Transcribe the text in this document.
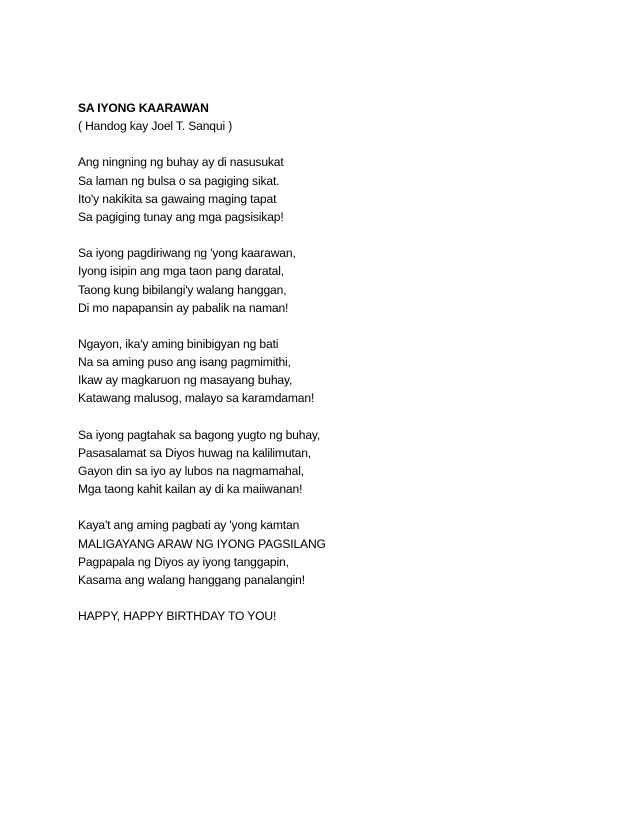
SA IYONG KAARAWAN
( Handog kay Joel T. Sanqui )
Ang ningning ng buhay ay di nasusukat
Sa laman ng bulsa o sa pagiging sikat.
Ito'y nakikita sa gawaing maging tapat
Sa pagiging tunay ang mga pagsisikap!
Sa iyong pagdiriwang ng 'yong kaarawan,
Iyong isipin ang mga taon pang daratal,
Taong kung bibilangi'y walang hanggan,
Di mo napapansin ay pabalik na naman!
Ngayon, ika'y aming binibigyan ng bati
Na sa aming puso ang isang pagmimithi,
Ikaw ay magkaruon ng masayang buhay,
Katawang malusog, malayo sa karamdaman!
Sa iyong pagtahak sa bagong yugto ng buhay,
Pasasalamat sa Diyos huwag na kalilimutan,
Gayon din sa iyo ay lubos na nagmamahal,
Mga taong kahit kailan ay di ka maiiwanan!
Kaya't ang aming pagbati ay 'yong kamtan
MALIGAYANG ARAW NG IYONG PAGSILANG
Pagpapala ng Diyos ay iyong tanggapin,
Kasama ang walang hanggang panalangin!
HAPPY, HAPPY BIRTHDAY TO YOU!
